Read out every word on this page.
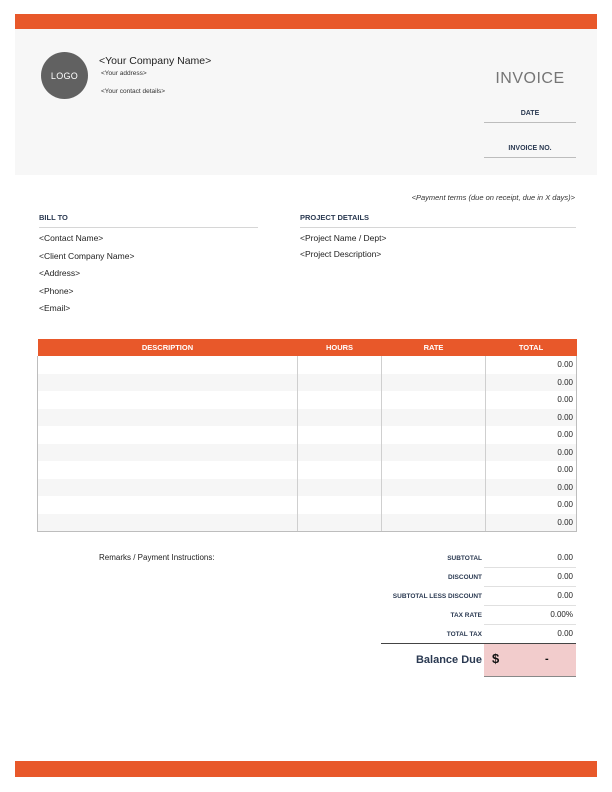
LOGO
<Your Company Name>
<Your address>
<Your contact details>
INVOICE
DATE
INVOICE NO.
<Payment terms (due on receipt, due in X days)>
BILL TO
<Contact Name>
<Client Company Name>
<Address>
<Phone>
<Email>
PROJECT DETAILS
<Project Name / Dept>
<Project Description>
DESCRIPTION	HOURS	RATE	TOTAL
			0.00
			0.00
			0.00
			0.00
			0.00
			0.00
			0.00
			0.00
			0.00
			0.00
Remarks / Payment Instructions:	SUBTOTAL	0.00
DISCOUNT	0.00
SUBTOTAL LESS DISCOUNT	0.00
TAX RATE	0.00%
TOTAL TAX	0.00
Balance Due $	-
